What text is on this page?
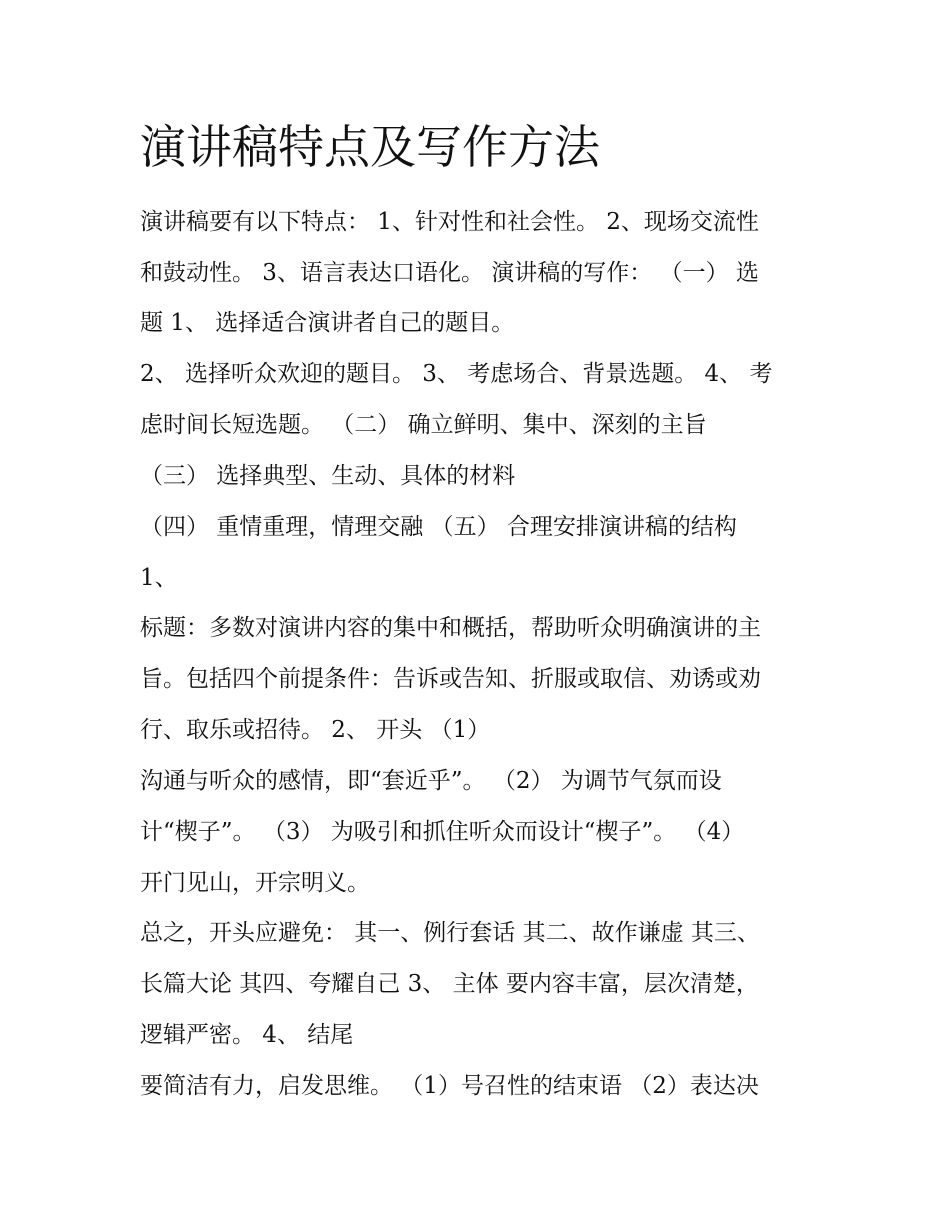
演讲稿特点及写作方法

演讲稿要有以下特点： 1、针对性和社会性。 2、现场交流性

和鼓动性。 3、语言表达口语化。 演讲稿的写作： （一） 选

题 1、 选择适合演讲者自己的题目。

2、 选择听众欢迎的题目。 3、 考虑场合、背景选题。 4、 考

虑时间长短选题。 （二） 确立鲜明、集中、深刻的主旨

（三） 选择典型、生动、具体的材料

（四） 重情重理，情理交融 （五） 合理安排演讲稿的结构

1、

标题：多数对演讲内容的集中和概括，帮助听众明确演讲的主

旨。包括四个前提条件：告诉或告知、折服或取信、劝诱或劝

行、取乐或招待。 2、 开头 （1）

沟通与听众的感情，即“套近乎”。 （2） 为调节气氛而设

计“楔子”。 （3） 为吸引和抓住听众而设计“楔子”。 （4）

开门见山，开宗明义。

总之，开头应避免： 其一、例行套话 其二、故作谦虚 其三、

长篇大论 其四、夸耀自己 3、 主体 要内容丰富，层次清楚，

逻辑严密。 4、 结尾

要简洁有力，启发思维。 （1）号召性的结束语 （2）表达决
